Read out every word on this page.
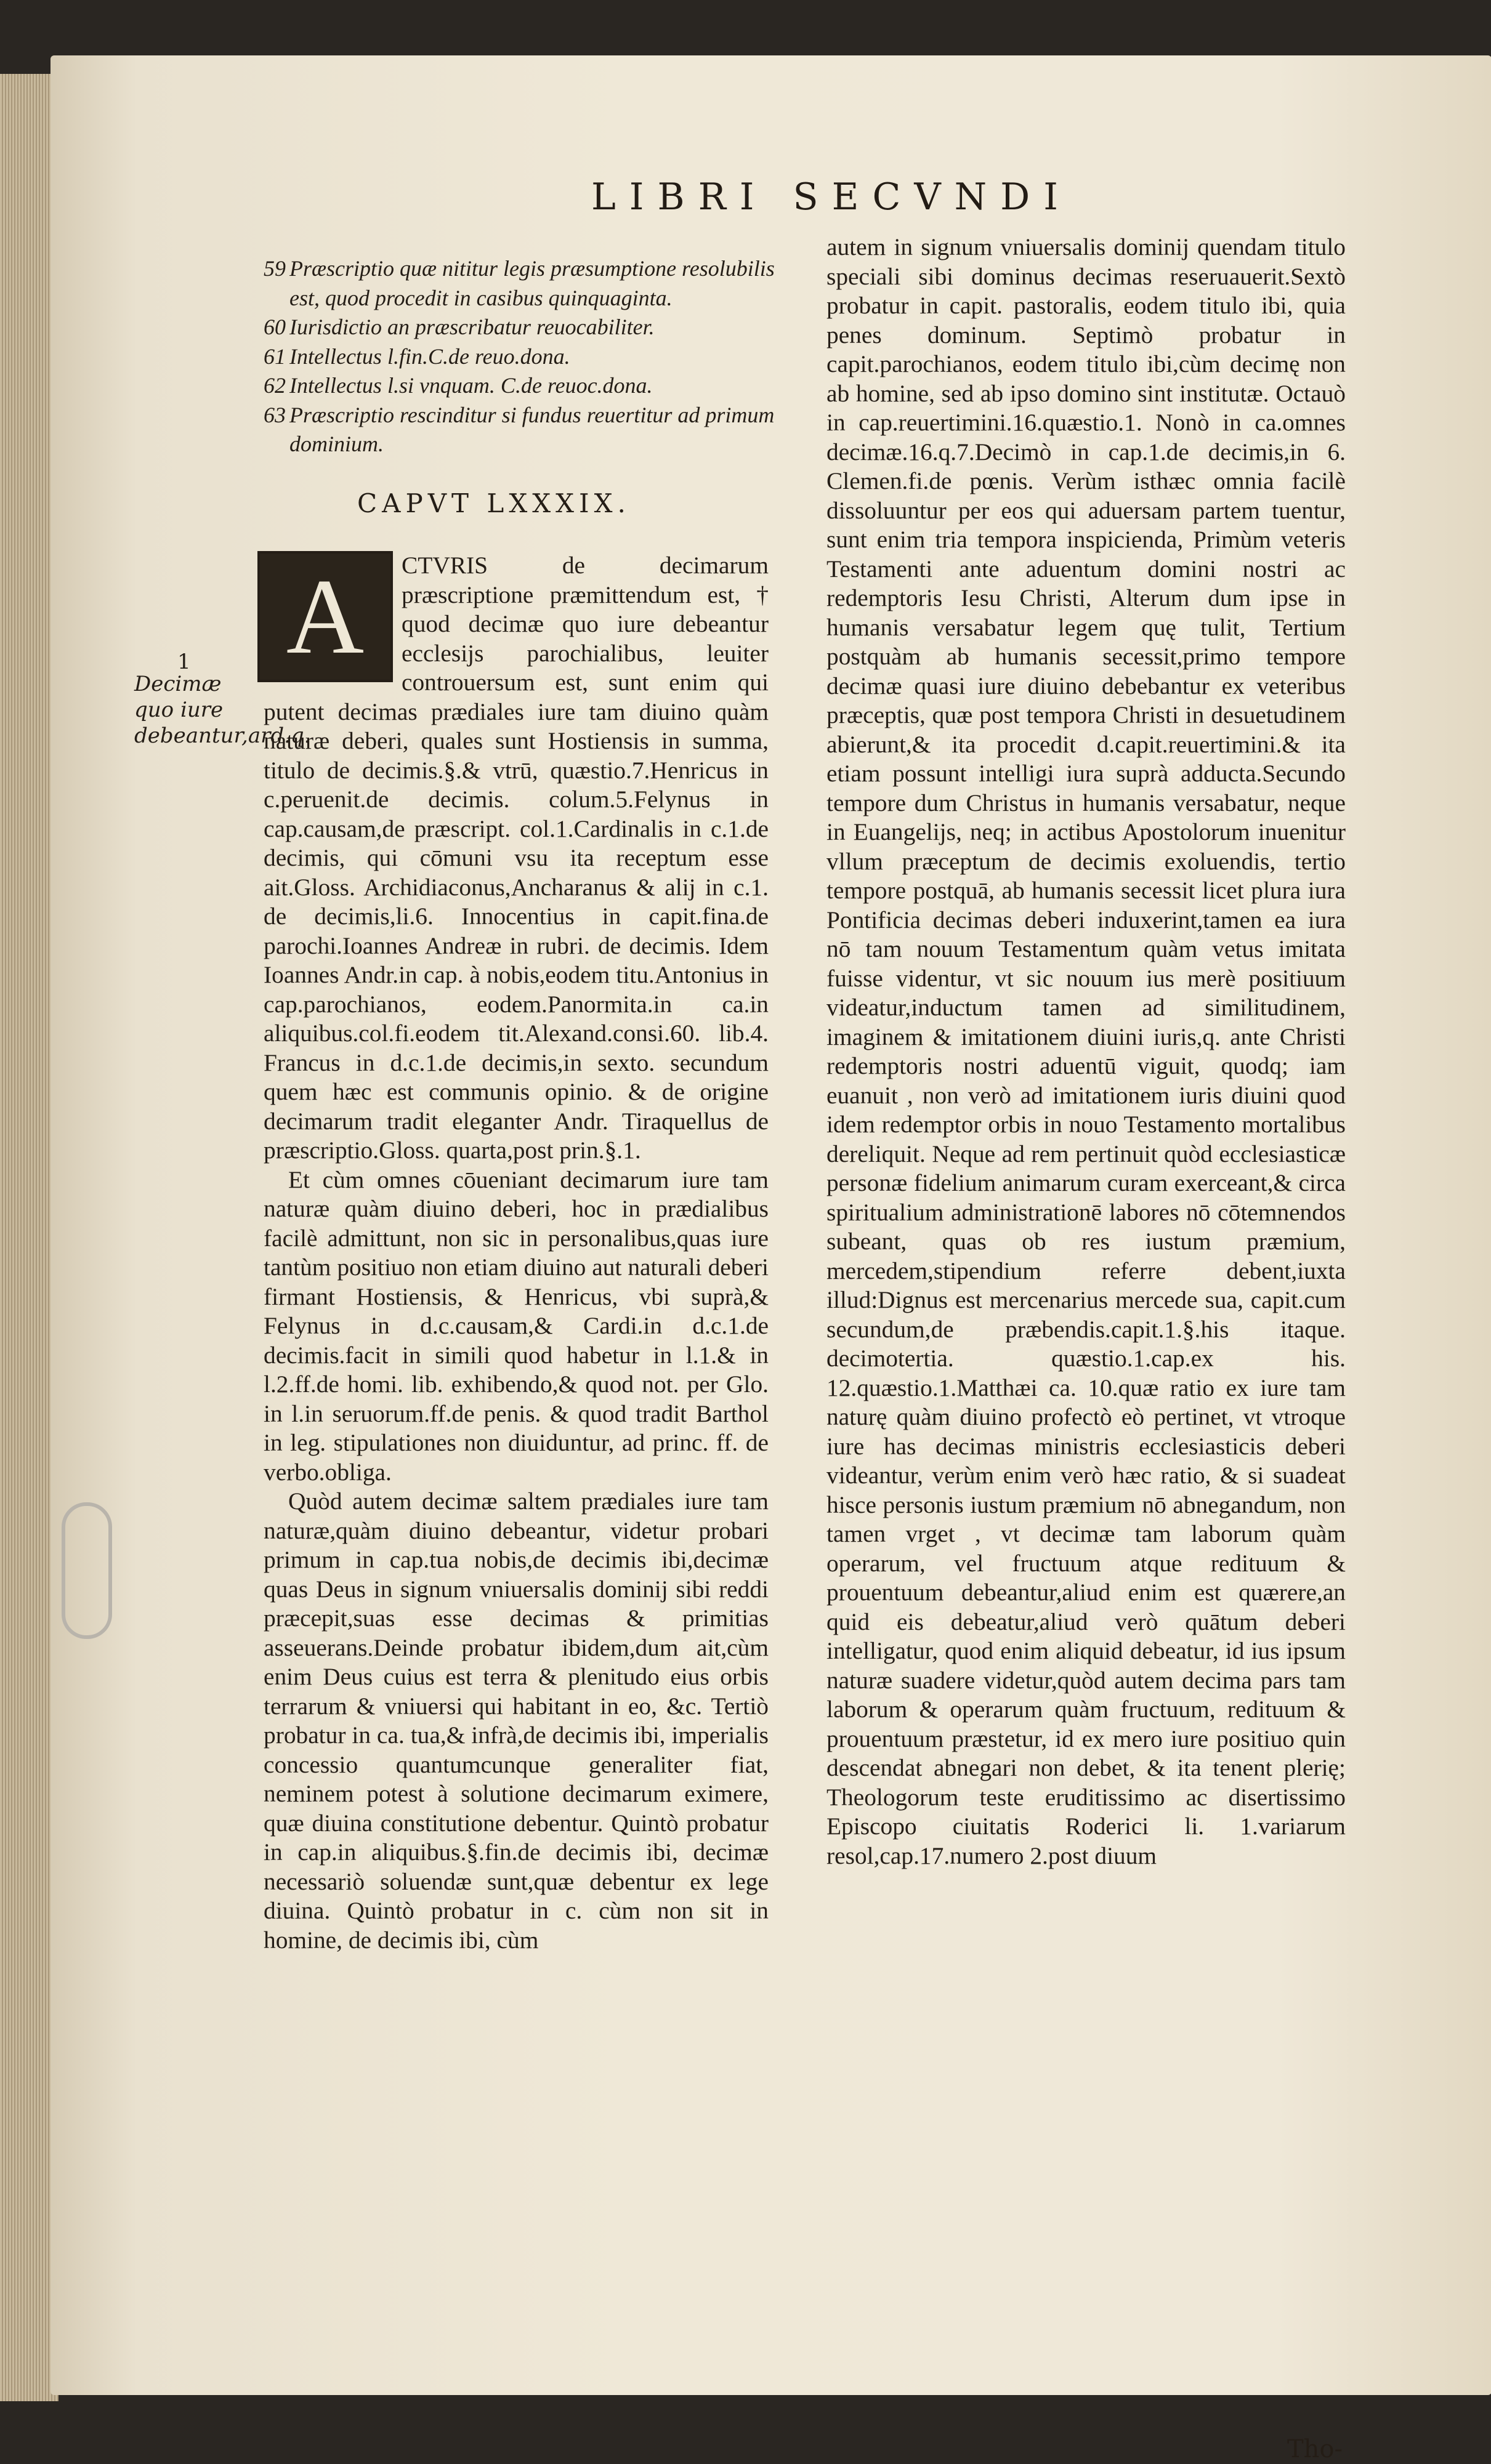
LIBRI SECVNDI
59 Præscriptio quæ nititur legis præsumptione resolubilis est, quod procedit in casibus quinquaginta.
60 Iurisdictio an præscribatur reuocabiliter.
61 Intellectus l.fin.C.de reuo.dona.
62 Intellectus l.si vnquam. C.de reuoc.dona.
63 Præscriptio rescinditur si fundus reuertitur ad primum dominium.
CAPVT LXXXIX.
1
Decimæ quo iure debeantur,ard.q.

A	CTVRIS de decimarum præscriptione præmittendum est, † quod decimæ quo iure debeantur ecclesijs parochialibus, leuiter controuersum est, sunt enim qui putent decimas prædiales iure tam diuino quàm naturæ deberi, quales sunt Hostiensis in summa, titulo de decimis.§.& vtrū, quæstio.7.Henricus in c.peruenit.de decimis. colum.5.Felynus in cap.causam,de præscript. col.1.Cardinalis in c.1.de decimis, qui cōmuni vsu ita receptum esse ait.Gloss. Archidiaconus,Ancharanus & alij in c.1. de decimis,li.6. Innocentius in capit.fina.de parochi.Ioannes Andreæ in rubri. de decimis. Idem Ioannes Andr.in cap. à nobis,eodem titu.Antonius in cap.parochianos, eodem.Panormita.in ca.in aliquibus.col.fi.eodem tit.Alexand.consi.60. lib.4. Francus in d.c.1.de decimis,in sexto. secundum quem hæc est communis opinio. & de origine decimarum tradit eleganter Andr. Tiraquellus de præscriptio.Gloss. quarta,post prin.§.1.

Et cùm omnes cōueniant decimarum iure tam naturæ quàm diuino deberi, hoc in prædialibus facilè admittunt, non sic in personalibus,quas iure tantùm positiuo non etiam diuino aut naturali deberi firmant Hostiensis, & Henricus, vbi suprà,& Felynus in d.c.causam,& Cardi.in d.c.1.de decimis.facit in simili quod habetur in l.1.& in l.2.ff.de homi. lib. exhibendo,& quod not. per Glo. in l.in seruorum.ff.de penis. & quod tradit Barthol in leg. stipulationes non diuiduntur, ad princ. ff. de verbo.obliga.

Quòd autem decimæ saltem prædiales iure tam naturæ,quàm diuino debeantur, videtur probari primum in cap.tua nobis,de decimis ibi,decimæ quas Deus in signum vniuersalis dominij sibi reddi præcepit,suas esse decimas & primitias asseuerans.Deinde probatur ibidem,dum ait,cùm enim Deus cuius est terra & plenitudo eius orbis terrarum & vniuersi qui habitant in eo, &c. Tertiò probatur in ca. tua,& infrà,de decimis ibi, imperialis concessio quantumcunque generaliter fiat, neminem potest à solutione decimarum eximere, quæ diuina constitutione debentur. Quintò probatur in cap.in aliquibus.§.fin.de decimis ibi, decimæ necessariò soluendæ sunt,quæ debentur ex lege diuina. Quintò probatur in c. cùm non sit in homine, de decimis ibi, cùm

autem in signum vniuersalis dominij quendam titulo speciali sibi dominus decimas reseruauerit.Sextò probatur in capit. pastoralis, eodem titulo ibi, quia penes dominum. Septimò probatur in capit.parochianos, eodem titulo ibi,cùm decimę non ab homine, sed ab ipso domino sint institutæ. Octauò in cap.reuertimini.16.quæstio.1. Nonò in ca.omnes decimæ.16.q.7.Decimò in cap.1.de decimis,in 6. Clemen.fi.de pœnis. Verùm isthæc omnia facilè dissoluuntur per eos qui aduersam partem tuentur, sunt enim tria tempora inspicienda, Primùm veteris Testamenti ante aduentum domini nostri ac redemptoris Iesu Christi, Alterum dum ipse in humanis versabatur legem quę tulit, Tertium postquàm ab humanis secessit,primo tempore decimæ quasi iure diuino debebantur ex veteribus præceptis, quæ post tempora Christi in desuetudinem abierunt,& ita procedit d.capit.reuertimini.& ita etiam possunt intelligi iura suprà adducta.Secundo tempore dum Christus in humanis versabatur, neque in Euangelijs, neq; in actibus Apostolorum inuenitur vllum præceptum de decimis exoluendis, tertio tempore postquā, ab humanis secessit licet plura iura Pontificia decimas deberi induxerint,tamen ea iura nō tam nouum Testamentum quàm vetus imitata fuisse videntur, vt sic nouum ius merè positiuum videatur,inductum tamen ad similitudinem, imaginem & imitationem diuini iuris,q. ante Christi redemptoris nostri aduentū viguit, quodq; iam euanuit , non verò ad imitationem iuris diuini quod idem redemptor orbis in nouo Testamento mortalibus dereliquit. Neque ad rem pertinuit quòd ecclesiasticæ personæ fidelium animarum curam exerceant,& circa spiritualium administrationē labores nō cōtemnendos subeant, quas ob res iustum præmium, mercedem,stipendium referre debent,iuxta illud:Dignus est mercenarius mercede sua, capit.cum secundum,de præbendis.capit.1.§.his itaque. decimotertia. quæstio.1.cap.ex his. 12.quæstio.1.Matthæi ca. 10.quæ ratio ex iure tam naturę quàm diuino profectò eò pertinet, vt vtroque iure has decimas ministris ecclesiasticis deberi videantur, verùm enim verò hæc ratio, & si suadeat hisce personis iustum præmium nō abnegandum, non tamen vrget , vt decimæ tam laborum quàm operarum, vel fructuum atque redituum & prouentuum debeantur,aliud enim est quærere,an quid eis debeatur,aliud verò quātum deberi intelligatur, quod enim aliquid debeatur, id ius ipsum naturæ suadere videtur,quòd autem decima pars tam laborum & operarum quàm fructuum, redituum & prouentuum præstetur, id ex mero iure positiuo quin descendat abnegari non debet, & ita tenent plerię; Theologorum teste eruditissimo ac disertissimo Episcopo ciuitatis Roderici li. 1.variarum resol,cap.17.numero 2.post diuum

Tho-
